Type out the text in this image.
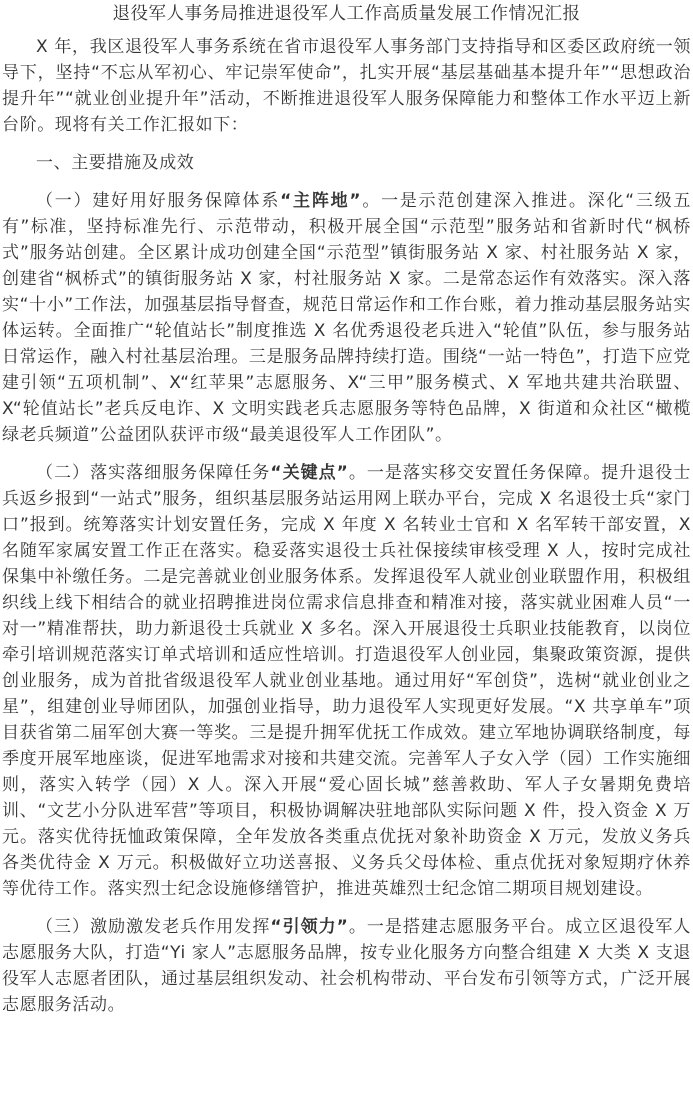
退役军人事务局推进退役军人工作高质量发展工作情况汇报

X 年，我区退役军人事务系统在省市退役军人事务部门支持指导和区委区政府统一领导下，坚持“不忘从军初心、牢记崇军使命”，扎实开展“基层基础基本提升年”“思想政治提升年”“就业创业提升年”活动，不断推进退役军人服务保障能力和整体工作水平迈上新台阶。现将有关工作汇报如下：

一、主要措施及成效

（一）建好用好服务保障体系“主阵地”。一是示范创建深入推进。深化“三级五有”标准，坚持标准先行、示范带动，积极开展全国“示范型”服务站和省新时代“枫桥式”服务站创建。全区累计成功创建全国“示范型”镇街服务站 X 家、村社服务站 X 家，创建省“枫桥式”的镇街服务站 X 家，村社服务站 X 家。二是常态运作有效落实。深入落实“十小”工作法，加强基层指导督查，规范日常运作和工作台账，着力推动基层服务站实体运转。全面推广“轮值站长”制度推选 X 名优秀退役老兵进入“轮值”队伍，参与服务站日常运作，融入村社基层治理。三是服务品牌持续打造。围绕“一站一特色”，打造下应党建引领“五项机制”、X“红苹果”志愿服务、X“三甲”服务模式、X 军地共建共治联盟、X“轮值站长”老兵反电诈、X 文明实践老兵志愿服务等特色品牌，X 街道和众社区“橄榄绿老兵频道”公益团队获评市级“最美退役军人工作团队”。

（二）落实落细服务保障任务“关键点”。一是落实移交安置任务保障。提升退役士兵返乡报到“一站式”服务，组织基层服务站运用网上联办平台，完成 X 名退役士兵“家门口”报到。统筹落实计划安置任务，完成 X 年度 X 名转业士官和 X 名军转干部安置，X 名随军家属安置工作正在落实。稳妥落实退役士兵社保接续审核受理 X 人，按时完成社保集中补缴任务。二是完善就业创业服务体系。发挥退役军人就业创业联盟作用，积极组织线上线下相结合的就业招聘推进岗位需求信息排查和精准对接，落实就业困难人员“一对一”精准帮扶，助力新退役士兵就业 X 多名。深入开展退役士兵职业技能教育，以岗位牵引培训规范落实订单式培训和适应性培训。打造退役军人创业园，集聚政策资源，提供创业服务，成为首批省级退役军人就业创业基地。通过用好“军创贷”，选树“就业创业之星”，组建创业导师团队，加强创业指导，助力退役军人实现更好发展。“X 共享单车”项目获省第二届军创大赛一等奖。三是提升拥军优抚工作成效。建立军地协调联络制度，每季度开展军地座谈，促进军地需求对接和共建交流。完善军人子女入学（园）工作实施细则，落实入转学（园）X 人。深入开展“爱心固长城”慈善救助、军人子女暑期免费培训、“文艺小分队进军营”等项目，积极协调解决驻地部队实际问题 X 件，投入资金 X 万元。落实优待抚恤政策保障，全年发放各类重点优抚对象补助资金 X 万元，发放义务兵各类优待金 X 万元。积极做好立功送喜报、义务兵父母体检、重点优抚对象短期疗休养等优待工作。落实烈士纪念设施修缮管护，推进英雄烈士纪念馆二期项目规划建设。

（三）激励激发老兵作用发挥“引领力”。一是搭建志愿服务平台。成立区退役军人志愿服务大队，打造“Yi 家人”志愿服务品牌，按专业化服务方向整合组建 X 大类 X 支退役军人志愿者团队，通过基层组织发动、社会机构带动、平台发布引领等方式，广泛开展志愿服务活动。
